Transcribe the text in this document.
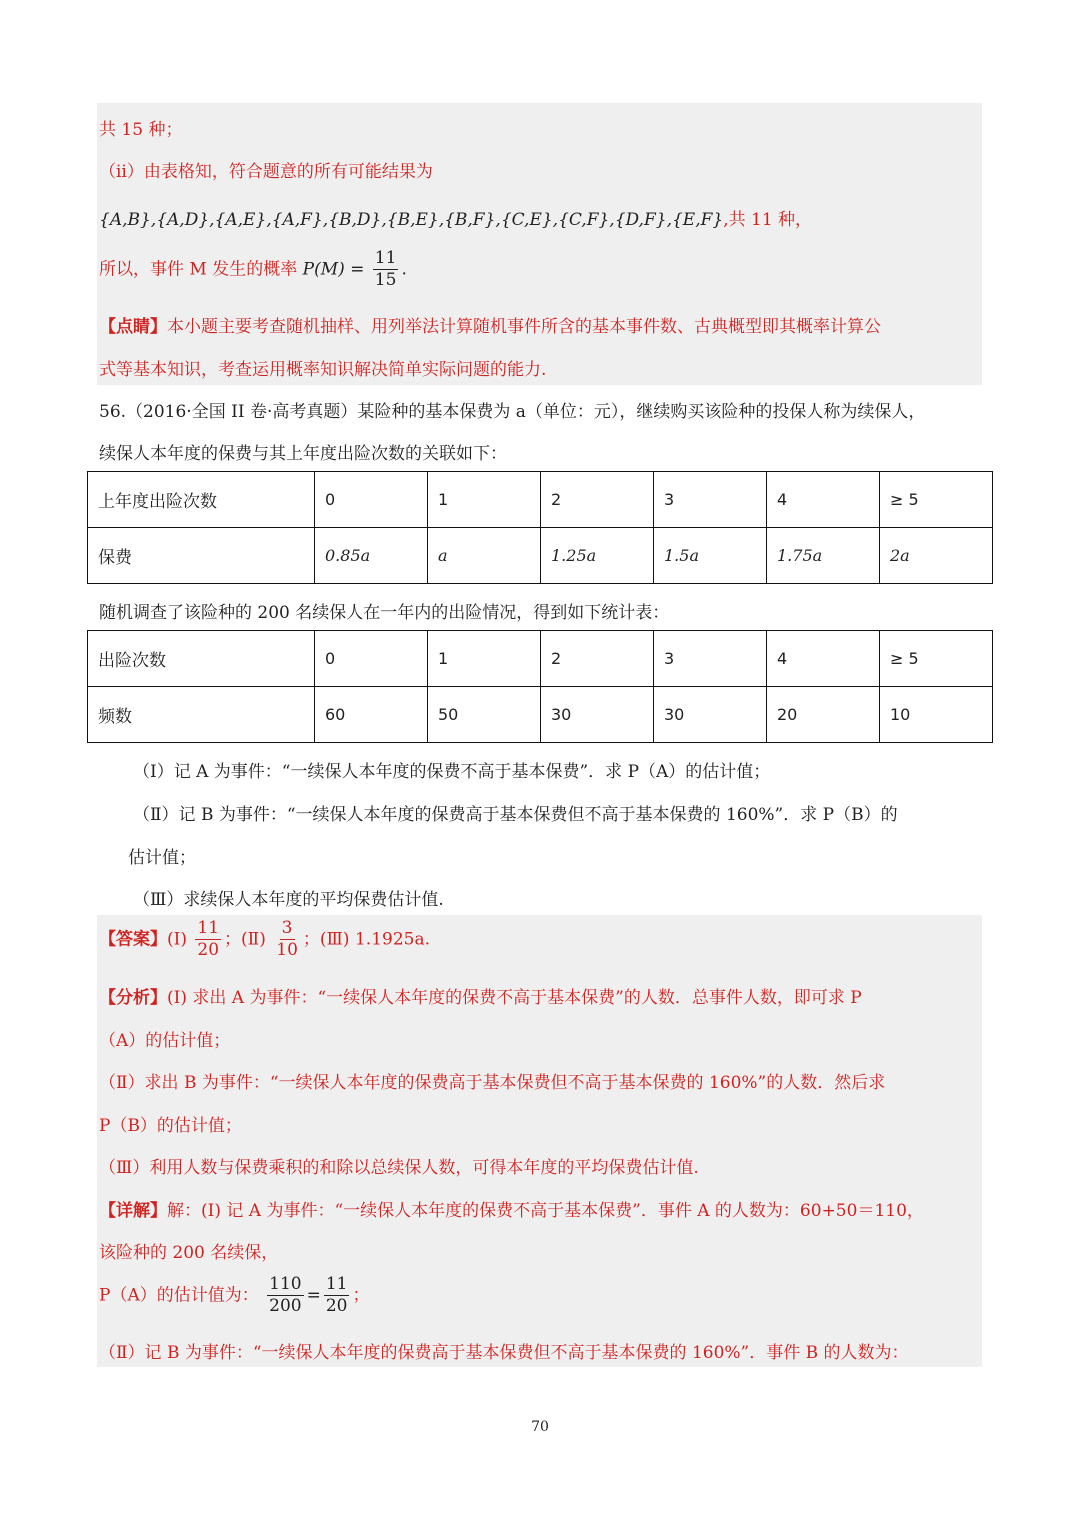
共 15 种；
（ii）由表格知，符合题意的所有可能结果为
{A,B},{A,D},{A,E},{A,F},{B,D},{B,E},{B,F},{C,E},{C,F},{D,F},{E,F},共 11 种，
所以，事件 M 发生的概率 $P(M) = \frac{11}{15}$ .
【点睛】本小题主要考查随机抽样、用列举法计算随机事件所含的基本事件数、古典概型即其概率计算公
式等基本知识，考查运用概率知识解决简单实际问题的能力.
56.（2016·全国 II 卷·高考真题）某险种的基本保费为 a（单位：元），继续购买该险种的投保人称为续保人，
续保人本年度的保费与其上年度出险次数的关联如下：
上年度出险次数	0	1	2	3	4	≥ 5
保费	0.85a	a	1.25a	1.5a	1.75a	2a
随机调查了该险种的 200 名续保人在一年内的出险情况，得到如下统计表：
出险次数	0	1	2	3	4	≥ 5
频数	60	50	30	30	20	10
（I）记 A 为事件：“一续保人本年度的保费不高于基本保费”．求 P（A）的估计值；
（Ⅱ）记 B 为事件：“一续保人本年度的保费高于基本保费但不高于基本保费的 160%”．求 P（B）的
估计值；
（Ⅲ）求续保人本年度的平均保费估计值.
【答案】(Ⅰ) $\frac{11}{20}$ ；(Ⅱ) $\frac{3}{10}$ ；(Ⅲ) 1.1925a.
【分析】(Ⅰ) 求出 A 为事件：“一续保人本年度的保费不高于基本保费”的人数．总事件人数，即可求 P
（A）的估计值；
（Ⅱ）求出 B 为事件：“一续保人本年度的保费高于基本保费但不高于基本保费的 160%”的人数．然后求
P（B）的估计值；
（Ⅲ）利用人数与保费乘积的和除以总续保人数，可得本年度的平均保费估计值.
【详解】解：(Ⅰ) 记 A 为事件：“一续保人本年度的保费不高于基本保费”．事件 A 的人数为：60+50＝110，
该险种的 200 名续保，
P（A）的估计值为： $\frac{110}{200} = \frac{11}{20}$ ；
（Ⅱ）记 B 为事件：“一续保人本年度的保费高于基本保费但不高于基本保费的 160%”．事件 B 的人数为：
70
